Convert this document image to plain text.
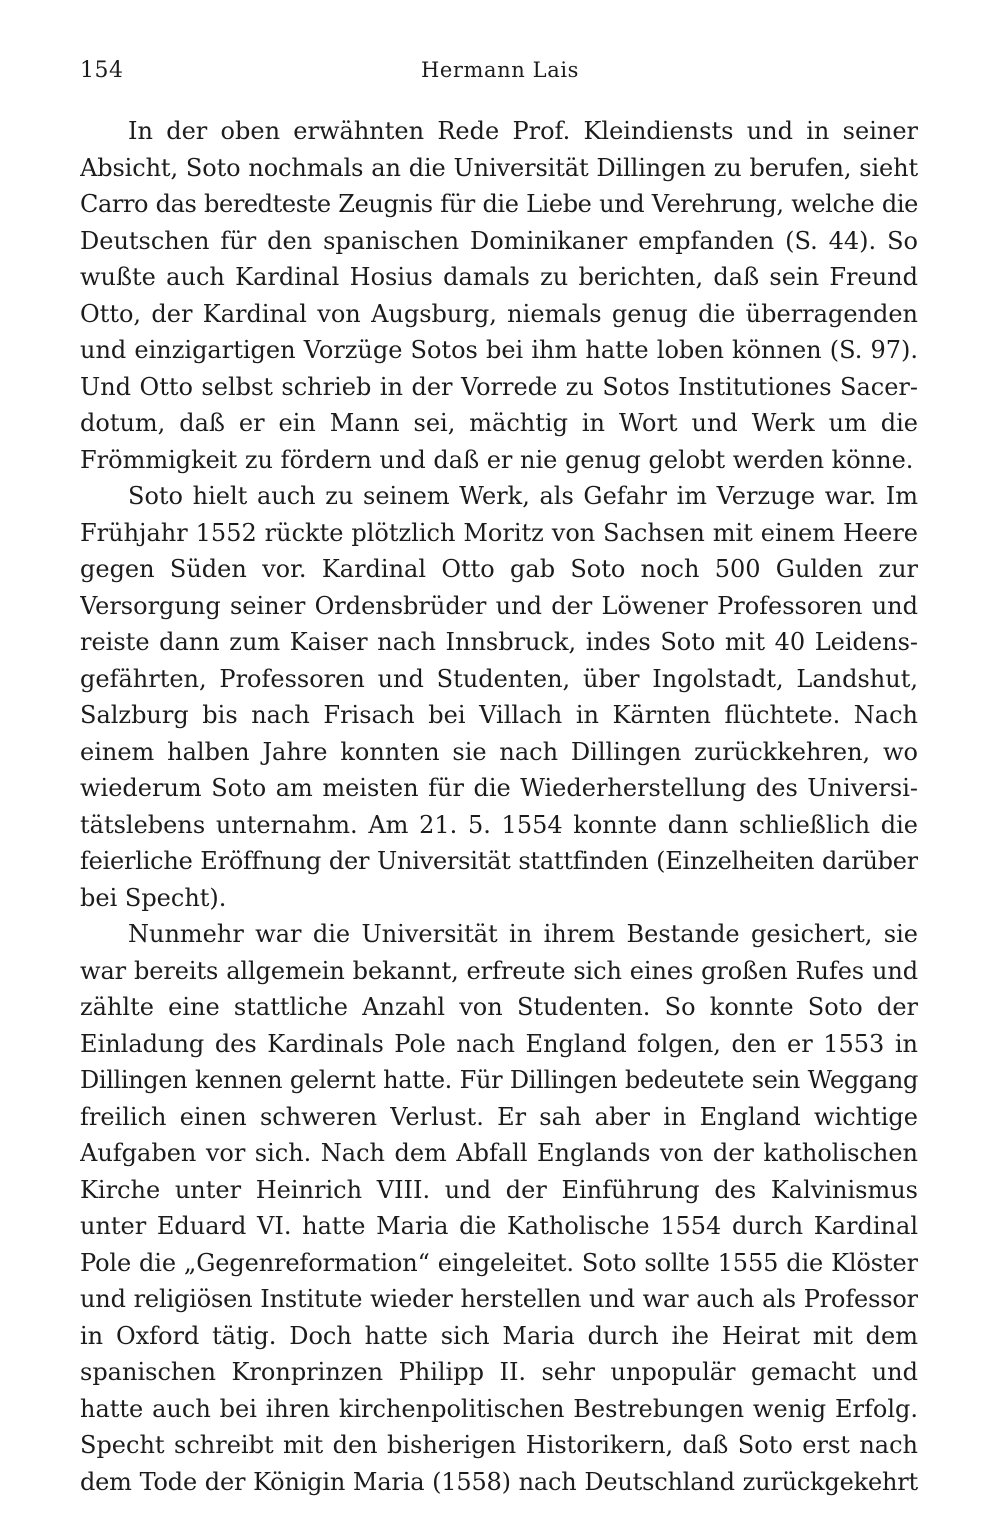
154	Hermann Lais
In der oben erwähnten Rede Prof. Kleindiensts und in seiner
Absicht, Soto nochmals an die Universität Dillingen zu berufen, sieht
Carro das beredteste Zeugnis für die Liebe und Verehrung, welche die
Deutschen für den spanischen Dominikaner empfanden (S. 44). So
wußte auch Kardinal Hosius damals zu berichten, daß sein Freund
Otto, der Kardinal von Augsburg, niemals genug die überragenden
und einzigartigen Vorzüge Sotos bei ihm hatte loben können (S. 97).
Und Otto selbst schrieb in der Vorrede zu Sotos Institutiones Sacer-
dotum, daß er ein Mann sei, mächtig in Wort und Werk um die
Frömmigkeit zu fördern und daß er nie genug gelobt werden könne.
Soto hielt auch zu seinem Werk, als Gefahr im Verzuge war. Im
Frühjahr 1552 rückte plötzlich Moritz von Sachsen mit einem Heere
gegen Süden vor. Kardinal Otto gab Soto noch 500 Gulden zur
Versorgung seiner Ordensbrüder und der Löwener Professoren und
reiste dann zum Kaiser nach Innsbruck, indes Soto mit 40 Leidens-
gefährten, Professoren und Studenten, über Ingolstadt, Landshut,
Salzburg bis nach Frisach bei Villach in Kärnten flüchtete. Nach
einem halben Jahre konnten sie nach Dillingen zurückkehren, wo
wiederum Soto am meisten für die Wiederherstellung des Universi-
tätslebens unternahm. Am 21. 5. 1554 konnte dann schließlich die
feierliche Eröffnung der Universität stattfinden (Einzelheiten darüber
bei Specht).
Nunmehr war die Universität in ihrem Bestande gesichert, sie
war bereits allgemein bekannt, erfreute sich eines großen Rufes und
zählte eine stattliche Anzahl von Studenten. So konnte Soto der
Einladung des Kardinals Pole nach England folgen, den er 1553 in
Dillingen kennen gelernt hatte. Für Dillingen bedeutete sein Weggang
freilich einen schweren Verlust. Er sah aber in England wichtige
Aufgaben vor sich. Nach dem Abfall Englands von der katholischen
Kirche unter Heinrich VIII. und der Einführung des Kalvinismus
unter Eduard VI. hatte Maria die Katholische 1554 durch Kardinal
Pole die „Gegenreformation“ eingeleitet. Soto sollte 1555 die Klöster
und religiösen Institute wieder herstellen und war auch als Professor
in Oxford tätig. Doch hatte sich Maria durch ihe Heirat mit dem
spanischen Kronprinzen Philipp II. sehr unpopulär gemacht und
hatte auch bei ihren kirchenpolitischen Bestrebungen wenig Erfolg.
Specht schreibt mit den bisherigen Historikern, daß Soto erst nach
dem Tode der Königin Maria (1558) nach Deutschland zurückgekehrt
